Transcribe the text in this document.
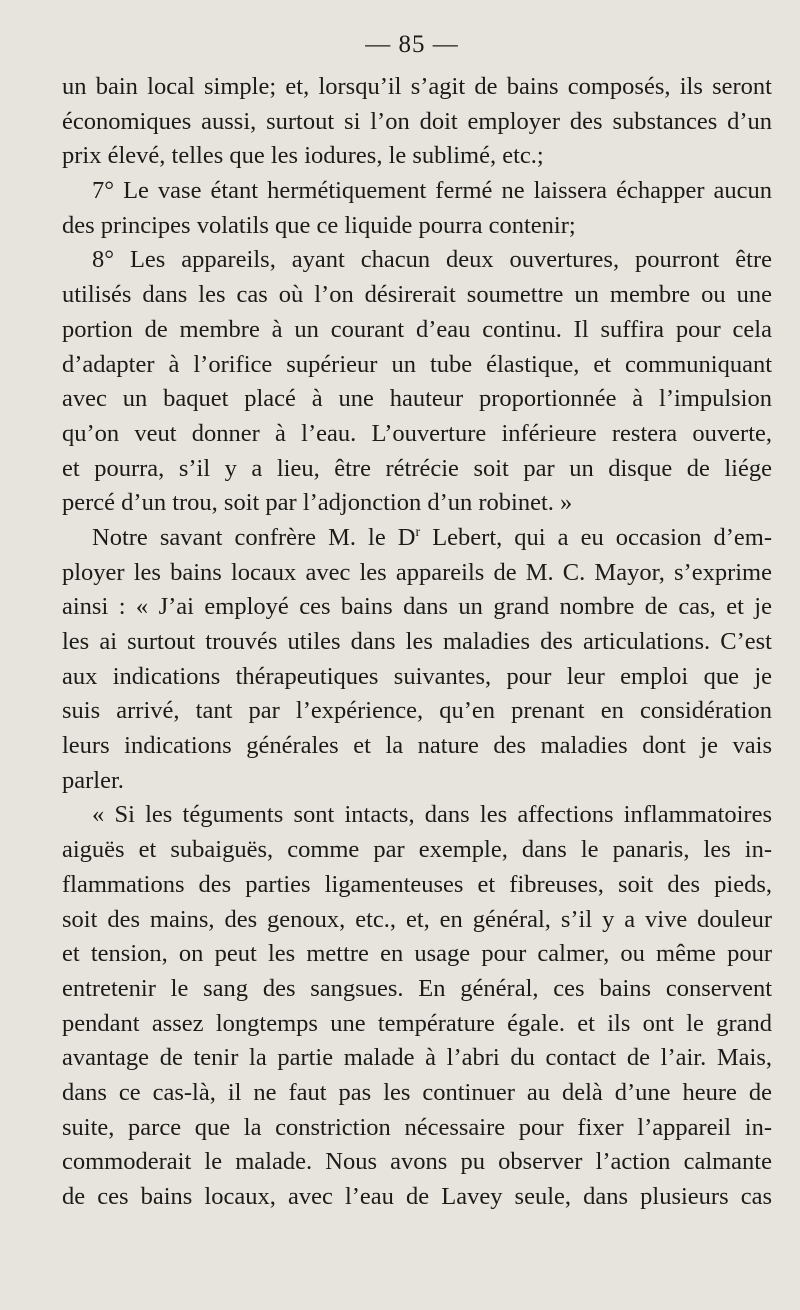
— 85 —
un bain local simple; et, lorsqu’il s’agit de bains composés, ils seront
économiques aussi, surtout si l’on doit employer des substances d’un
prix élevé, telles que les iodures, le sublimé, etc.;
7° Le vase étant hermétiquement fermé ne laissera échapper aucun
des principes volatils que ce liquide pourra contenir;
8° Les appareils, ayant chacun deux ouvertures, pourront être
utilisés dans les cas où l’on désirerait soumettre un membre ou une
portion de membre à un courant d’eau continu. Il suffira pour cela
d’adapter à l’orifice supérieur un tube élastique, et communiquant
avec un baquet placé à une hauteur proportionnée à l’impulsion
qu’on veut donner à l’eau. L’ouverture inférieure restera ouverte,
et pourra, s’il y a lieu, être rétrécie soit par un disque de liége
percé d’un trou, soit par l’adjonction d’un robinet. »
Notre savant confrère M. le $D^r$ Lebert, qui a eu occasion d’em-
ployer les bains locaux avec les appareils de M. C. Mayor, s’exprime
ainsi : « J’ai employé ces bains dans un grand nombre de cas, et je
les ai surtout trouvés utiles dans les maladies des articulations. C’est
aux indications thérapeutiques suivantes, pour leur emploi que je
suis arrivé, tant par l’expérience, qu’en prenant en considération
leurs indications générales et la nature des maladies dont je vais
parler.
« Si les téguments sont intacts, dans les affections inflammatoires
aiguës et subaiguës, comme par exemple, dans le panaris, les in-
flammations des parties ligamenteuses et fibreuses, soit des pieds,
soit des mains, des genoux, etc., et, en général, s’il y a vive douleur
et tension, on peut les mettre en usage pour calmer, ou même pour
entretenir le sang des sangsues. En général, ces bains conservent
pendant assez longtemps une température égale. et ils ont le grand
avantage de tenir la partie malade à l’abri du contact de l’air. Mais,
dans ce cas-là, il ne faut pas les continuer au delà d’une heure de
suite, parce que la constriction nécessaire pour fixer l’appareil in-
commoderait le malade. Nous avons pu observer l’action calmante
de ces bains locaux, avec l’eau de Lavey seule, dans plusieurs cas
